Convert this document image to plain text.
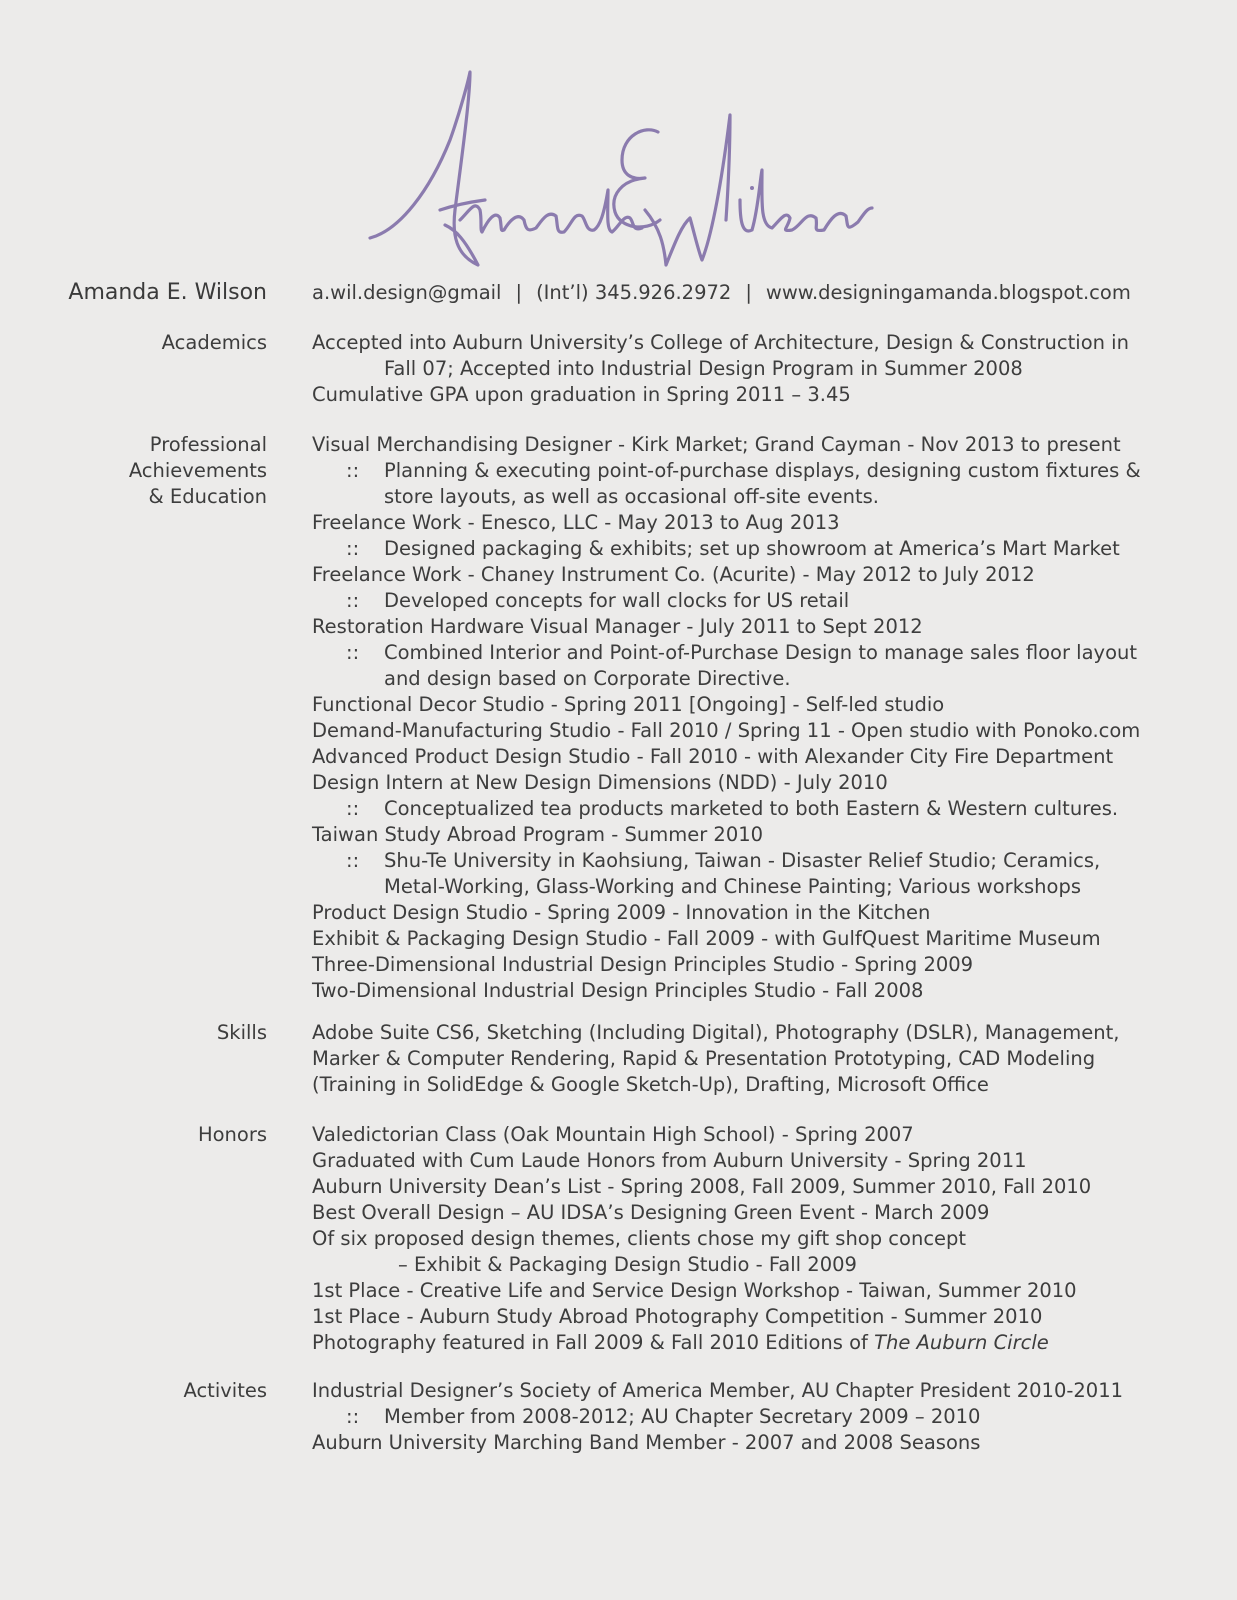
Amanda E. Wilson a.wil.design@gmail | (Int’l) 345.926.2972 | www.designingamanda.blogspot.com
Academics Accepted into Auburn University’s College of Architecture, Design & Construction in
Fall 07; Accepted into Industrial Design Program in Summer 2008
Cumulative GPA upon graduation in Spring 2011 – 3.45
Professional
Achievements
& Education
Visual Merchandising Designer - Kirk Market; Grand Cayman - Nov 2013 to present
:: Planning & executing point-of-purchase displays, designing custom fixtures &
store layouts, as well as occasional off-site events.
Freelance Work - Enesco, LLC - May 2013 to Aug 2013
:: Designed packaging & exhibits; set up showroom at America’s Mart Market
Freelance Work - Chaney Instrument Co. (Acurite) - May 2012 to July 2012
:: Developed concepts for wall clocks for US retail
Restoration Hardware Visual Manager - July 2011 to Sept 2012
:: Combined Interior and Point-of-Purchase Design to manage sales floor layout
and design based on Corporate Directive.
Functional Decor Studio - Spring 2011 [Ongoing] - Self-led studio
Demand-Manufacturing Studio - Fall 2010 / Spring 11 - Open studio with Ponoko.com
Advanced Product Design Studio - Fall 2010 - with Alexander City Fire Department
Design Intern at New Design Dimensions (NDD) - July 2010
:: Conceptualized tea products marketed to both Eastern & Western cultures.
Taiwan Study Abroad Program - Summer 2010
:: Shu-Te University in Kaohsiung, Taiwan - Disaster Relief Studio; Ceramics,
Metal-Working, Glass-Working and Chinese Painting; Various workshops
Product Design Studio - Spring 2009 - Innovation in the Kitchen
Exhibit & Packaging Design Studio - Fall 2009 - with GulfQuest Maritime Museum
Three-Dimensional Industrial Design Principles Studio - Spring 2009
Two-Dimensional Industrial Design Principles Studio - Fall 2008
Skills Adobe Suite CS6, Sketching (Including Digital), Photography (DSLR), Management,
Marker & Computer Rendering, Rapid & Presentation Prototyping, CAD Modeling
(Training in SolidEdge & Google Sketch-Up), Drafting, Microsoft Office
Honors Valedictorian Class (Oak Mountain High School) - Spring 2007
Graduated with Cum Laude Honors from Auburn University - Spring 2011
Auburn University Dean’s List - Spring 2008, Fall 2009, Summer 2010, Fall 2010
Best Overall Design – AU IDSA’s Designing Green Event - March 2009
Of six proposed design themes, clients chose my gift shop concept
– Exhibit & Packaging Design Studio - Fall 2009
1st Place - Creative Life and Service Design Workshop - Taiwan, Summer 2010
1st Place - Auburn Study Abroad Photography Competition - Summer 2010
Photography featured in Fall 2009 & Fall 2010 Editions of The Auburn Circle
Activites Industrial Designer’s Society of America Member, AU Chapter President 2010-2011
:: Member from 2008-2012; AU Chapter Secretary 2009 – 2010
Auburn University Marching Band Member - 2007 and 2008 Seasons
